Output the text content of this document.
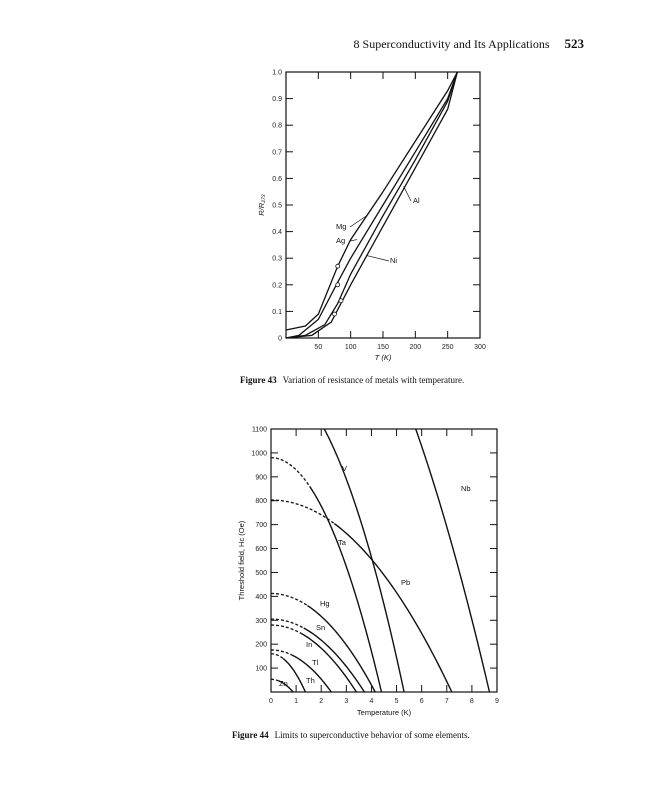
8 Superconductivity and Its Applications 523
0
0.1
0.2
0.3
0.4
0.5
0.6
0.7
0.8
0.9
1.0
50	100	150	200	250	300
T (K)
R/R₂₇₃
Mg
Ag
Al
Ni
100
200
300
400
500
600
700
800
900
1000
1100
0	1	2	3	4	5	6	7	8	9
Temperature (K)
Threshold field, Hc (Oe)
V
Ta
Pb
Hg
Sn
In
Tl
Th
Zn
Nb
Figure 43 Variation of resistance of metals with temperature.
Figure 44 Limits to superconductive behavior of some elements.
